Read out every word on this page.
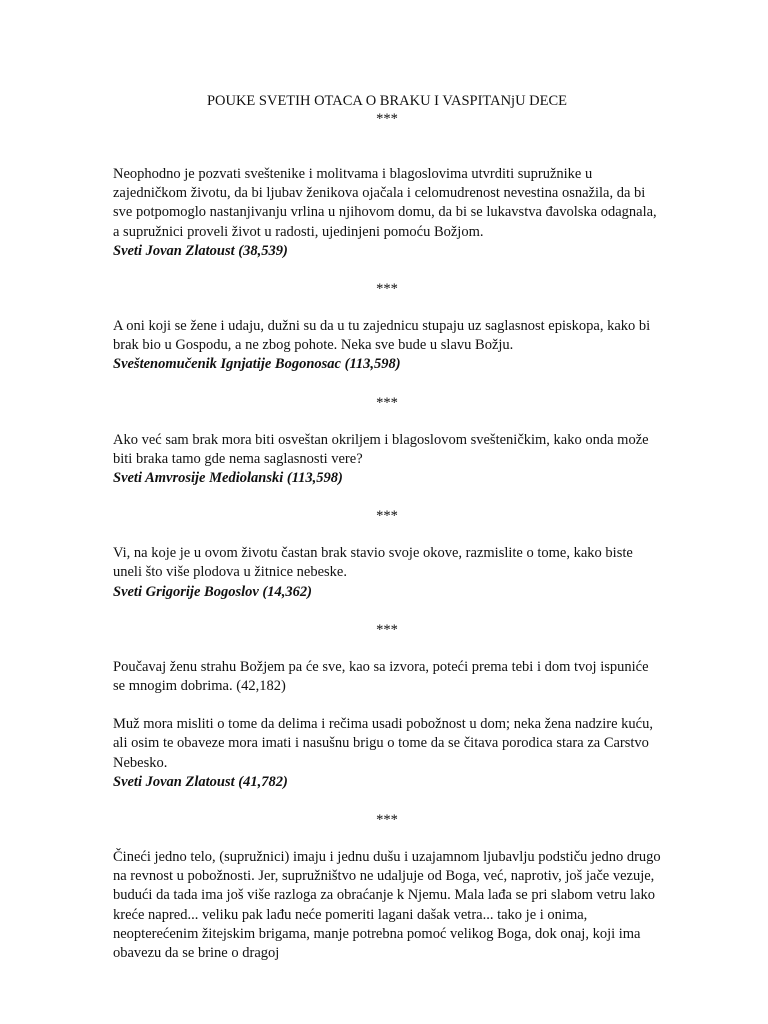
POUKE SVETIH OTACA O BRAKU I VASPITANjU DECE
***

Neophodno je pozvati sveštenike i molitvama i blagoslovima utvrditi supružnike u zajedničkom životu, da bi ljubav ženikova ojačala i celomudrenost nevestina osnažila, da bi sve potpomoglo nastanjivanju vrlina u njihovom domu, da bi se lukavstva đavolska odagnala, a supružnici proveli život u radosti, ujedinjeni pomoću Božjom.

Sveti Jovan Zlatoust (38,539)

***

A oni koji se žene i udaju, dužni su da u tu zajednicu stupaju uz saglasnost episkopa, kako bi brak bio u Gospodu, a ne zbog pohote. Neka sve bude u slavu Božju.

Sveštenomučenik Ignjatije Bogonosac (113,598)

***

Ako već sam brak mora biti osveštan okriljem i blagoslovom svešteničkim, kako onda može biti braka tamo gde nema saglasnosti vere?

Sveti Amvrosije Mediolanski (113,598)

***

Vi, na koje je u ovom životu častan brak stavio svoje okove, razmislite o tome, kako biste uneli što više plodova u žitnice nebeske.

Sveti Grigorije Bogoslov (14,362)

***

Poučavaj ženu strahu Božjem pa će sve, kao sa izvora, poteći prema tebi i dom tvoj ispuniće se mnogim dobrima. (42,182)

Muž mora misliti o tome da delima i rečima usadi pobožnost u dom; neka žena nadzire kuću, ali osim te obaveze mora imati i nasušnu brigu o tome da se čitava porodica stara za Carstvo Nebesko.

Sveti Jovan Zlatoust (41,782)

***

Čineći jedno telo, (supružnici) imaju i jednu dušu i uzajamnom ljubavlju podstiču jedno drugo na revnost u pobožnosti. Jer, supružništvo ne udaljuje od Boga, već, naprotiv, još jače vezuje, budući da tada ima još više razloga za obraćanje k Njemu. Mala lađa se pri slabom vetru lako kreće napred... veliku pak lađu neće pomeriti lagani dašak vetra... tako je i onima, neopterećenim žitejskim brigama, manje potrebna pomoć velikog Boga, dok onaj, koji ima obavezu da se brine o dragoj
